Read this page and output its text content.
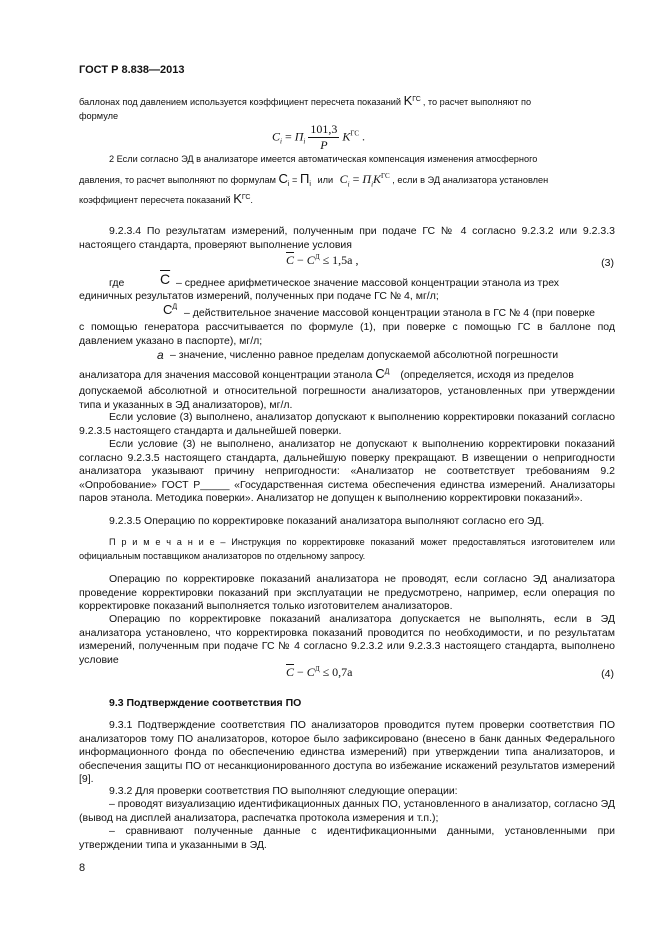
ГОСТ Р 8.838—2013
баллонах под давлением используется коэффициент пересчета показаний $K^{ГС}$ , то расчет выполняют по
формуле
$C_i = П_i \frac{101,3}{P} K^{ГС}$ .
2 Если согласно ЭД в анализаторе имеется автоматическая компенсация изменения атмосферного
давления, то расчет выполняют по формулам $C_i = П_i$ или $C_i = П_iK^{ГС}$ , если в ЭД анализатора установлен
коэффициент пересчета показаний $K^{ГС}$.
9.2.3.4 По результатам измерений, полученным при подаче ГС № 4 согласно 9.2.3.2 или 9.2.3.3 настоящего стандарта, проверяют выполнение условия
$\overline{C} - C^Д \le 1,5a$ ,	(3)
где	$\overline{C}$ – среднее арифметическое значение массовой концентрации этанола из трех
единичных результатов измерений, полученных при подаче ГС № 4, мг/л;
$C^Д$ – действительное значение массовой концентрации этанола в ГС № 4 (при поверке
с помощью генератора рассчитывается по формуле (1), при поверке с помощью ГС в баллоне под давлением указано в паспорте), мг/л;
a – значение, численно равное пределам допускаемой абсолютной погрешности
анализатора для значения массовой концентрации этанола $C^Д$ (определяется, исходя из пределов
допускаемой абсолютной и относительной погрешности анализаторов, установленных при утверждении типа и указанных в ЭД анализаторов), мг/л.
Если условие (3) выполнено, анализатор допускают к выполнению корректировки показаний согласно 9.2.3.5 настоящего стандарта и дальнейшей поверки.
Если условие (3) не выполнено, анализатор не допускают к выполнению корректировки показаний согласно 9.2.3.5 настоящего стандарта, дальнейшую поверку прекращают. В извещении о непригодности анализатора указывают причину непригодности: «Анализатор не соответствует требованиям 9.2 «Опробование» ГОСТ Р_____ «Государственная система обеспечения единства измерений. Анализаторы паров этанола. Методика поверки». Анализатор не допущен к выполнению корректировки показаний».
9.2.3.5 Операцию по корректировке показаний анализатора выполняют согласно его ЭД.
П р и м е ч а н и е – Инструкция по корректировке показаний может предоставляться изготовителем или официальным поставщиком анализаторов по отдельному запросу.
Операцию по корректировке показаний анализатора не проводят, если согласно ЭД анализатора проведение корректировки показаний при эксплуатации не предусмотрено, например, если операция по корректировке показаний выполняется только изготовителем анализаторов.
Операцию по корректировке показаний анализатора допускается не выполнять, если в ЭД анализатора установлено, что корректировка показаний проводится по необходимости, и по результатам измерений, полученным при подаче ГС № 4 согласно 9.2.3.2 или 9.2.3.3 настоящего стандарта, выполнено условие
$\overline{C} - C^Д \le 0,7a$	(4)
9.3 Подтверждение соответствия ПО
9.3.1 Подтверждение соответствия ПО анализаторов проводится путем проверки соответствия ПО анализаторов тому ПО анализаторов, которое было зафиксировано (внесено в банк данных Федерального информационного фонда по обеспечению единства измерений) при утверждении типа анализаторов, и обеспечения защиты ПО от несанкционированного доступа во избежание искажений результатов измерений [9].
9.3.2 Для проверки соответствия ПО выполняют следующие операции:
– проводят визуализацию идентификационных данных ПО, установленного в анализатор, согласно ЭД (вывод на дисплей анализатора, распечатка протокола измерения и т.п.);
– сравнивают полученные данные с идентификационными данными, установленными при утверждении типа и указанными в ЭД.
8
